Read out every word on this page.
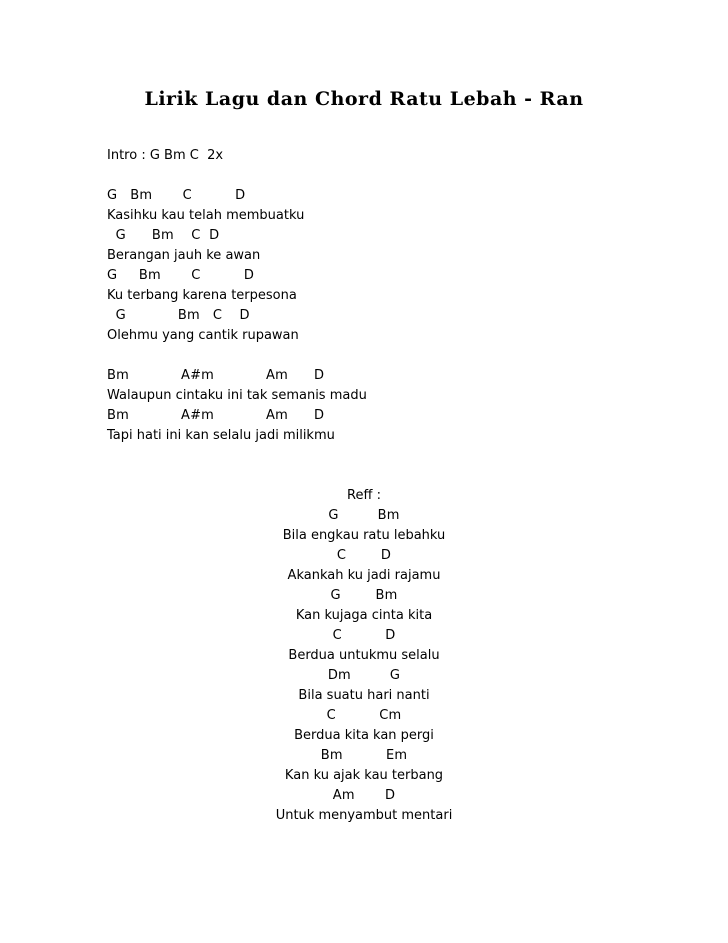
Lirik Lagu dan Chord Ratu Lebah - Ran
Intro : G Bm C  2x
G   Bm       C          D
Kasihku kau telah membuatku
G      Bm    C  D
Berangan jauh ke awan
G     Bm       C          D
Ku terbang karena terpesona
G            Bm   C    D
Olehmu yang cantik rupawan
Bm            A#m            Am      D
Walaupun cintaku ini tak semanis madu
Bm            A#m            Am      D
Tapi hati ini kan selalu jadi milikmu
Reff :
G         Bm
Bila engkau ratu lebahku
C        D
Akankah ku jadi rajamu
G        Bm
Kan kujaga cinta kita
C          D
Berdua untukmu selalu
Dm         G
Bila suatu hari nanti
C          Cm
Berdua kita kan pergi
Bm          Em
Kan ku ajak kau terbang
Am       D
Untuk menyambut mentari
